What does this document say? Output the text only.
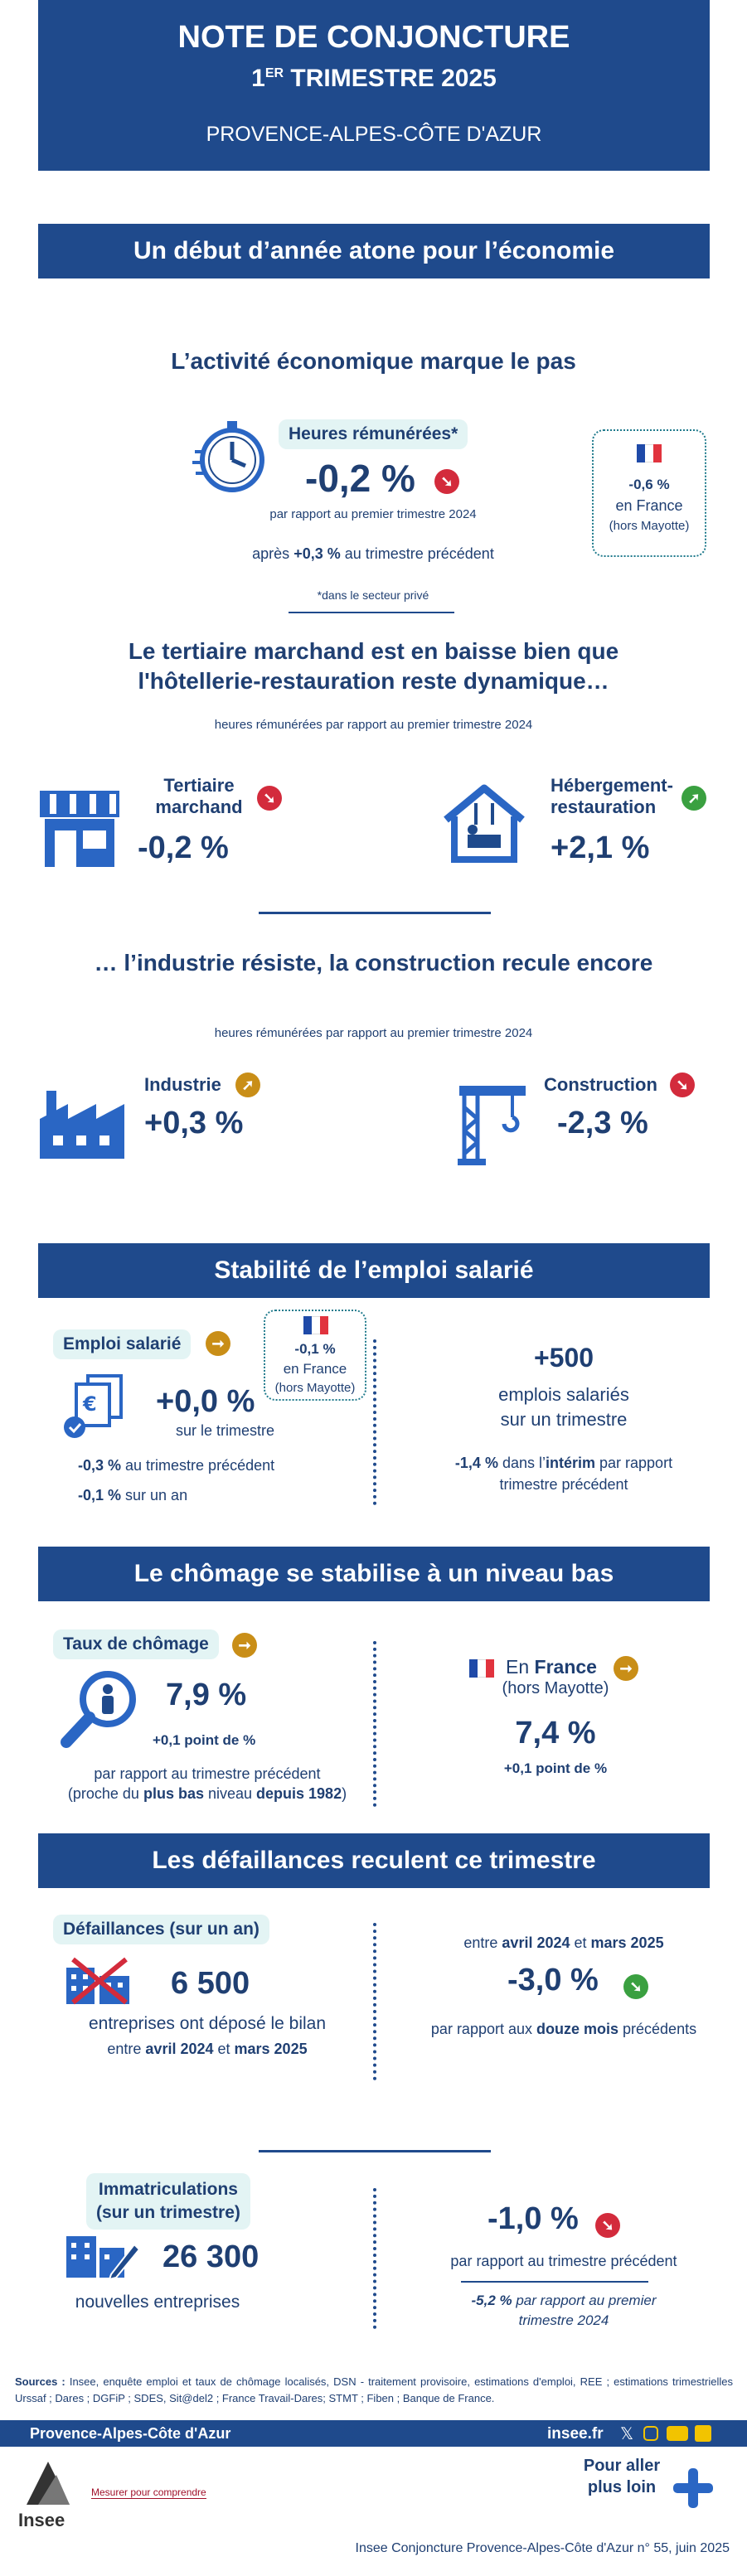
NOTE DE CONJONCTURE
1ER TRIMESTRE 2025
PROVENCE-ALPES-CÔTE D'AZUR
Un début d’année atone pour l’économie
L’activité économique marque le pas
Heures rémunérées*
-0,2 %	➘
par rapport au premier trimestre 2024
après +0,3 % au trimestre précédent
*dans le secteur privé
-0,6 %
en France
(hors Mayotte)
Le tertiaire marchand est en baisse bien que
l'hôtellerie-restauration reste dynamique…
heures rémunérées par rapport au premier trimestre 2024
Tertiaire
marchand	➘
-0,2 %
Hébergement-
restauration	➚
+2,1 %
… l’industrie résiste, la construction recule encore
heures rémunérées par rapport au premier trimestre 2024
Industrie	➚
+0,3 %
Construction	➘
-2,3 %
Stabilité de l’emploi salarié
Emploi salarié	➞
€ +0,0 %
sur le trimestre
-0,3 % au trimestre précédent
-0,1 % sur un an
-0,1 %
en France
(hors Mayotte)
+500
emplois salariés
sur un trimestre
-1,4 % dans l’intérim par rapport
trimestre précédent
Le chômage se stabilise à un niveau bas
Taux de chômage	➞
7,9 %
+0,1 point de %
par rapport au trimestre précédent
(proche du plus bas niveau depuis 1982)
En France	➞
(hors Mayotte)
7,4 %
+0,1 point de %
Les défaillances reculent ce trimestre
Défaillances (sur un an)
6 500
entreprises ont déposé le bilan
entre avril 2024 et mars 2025
entre avril 2024 et mars 2025
-3,0 %	➘
par rapport aux douze mois précédents
Immatriculations
(sur un trimestre)
26 300
nouvelles entreprises
-1,0 %	➘
par rapport au trimestre précédent
-5,2 % par rapport au premier
trimestre 2024
Sources : Insee, enquête emploi et taux de chômage localisés, DSN - traitement provisoire, estimations d'emploi, REE ; estimations trimestrielles Urssaf ; Dares ; DGFiP ; SDES, Sit@del2 ; France Travail-Dares; STMT ; Fiben ; Banque de France.
Provence-Alpes-Côte d'Azur	insee.fr 𝕏
Insee
Mesurer pour comprendre
Pour aller
plus loin
Insee Conjoncture Provence-Alpes-Côte d'Azur n° 55, juin 2025
